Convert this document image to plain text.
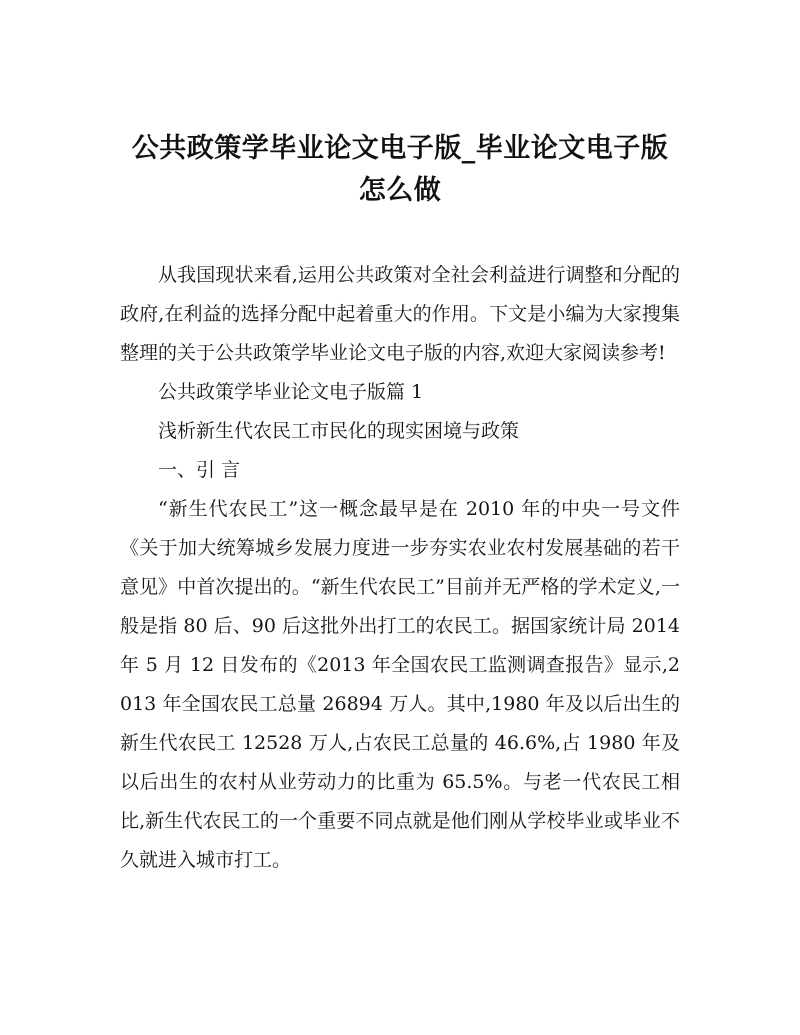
公共政策学毕业论文电子版_毕业论文电子版
怎么做

从我国现状来看,运用公共政策对全社会利益进行调整和分配的政府,在利益的选择分配中起着重大的作用。下文是小编为大家搜集整理的关于公共政策学毕业论文电子版的内容,欢迎大家阅读参考!

公共政策学毕业论文电子版篇 1

浅析新生代农民工市民化的现实困境与政策

一、引 言

“新生代农民工”这一概念最早是在 2010 年的中央一号文件《关于加大统筹城乡发展力度进一步夯实农业农村发展基础的若干意见》中首次提出的。“新生代农民工”目前并无严格的学术定义,一般是指 80 后、90 后这批外出打工的农民工。据国家统计局 2014 年 5 月 12 日发布的《2013 年全国农民工监测调查报告》显示,2013 年全国农民工总量 26894 万人。其中,1980 年及以后出生的新生代农民工 12528 万人,占农民工总量的 46.6%,占 1980 年及以后出生的农村从业劳动力的比重为 65.5%。与老一代农民工相比,新生代农民工的一个重要不同点就是他们刚从学校毕业或毕业不久就进入城市打工。
